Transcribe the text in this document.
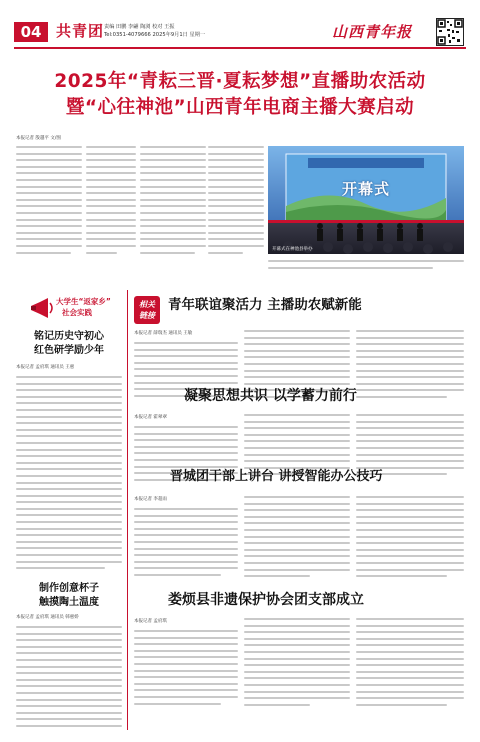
04 共青团 责编 田鹏 李翩 陶浏 校对 王振
Tel:0351-4079666 2025年9月1日 星期一	山西青年报
2025年“青耘三晋·夏耘梦想”直播助农活动
暨“心往神池”山西青年电商主播大赛启动
本报记者 殷越平 文/图
开幕式
开幕式在神池县举办
大学生“返家乡”
社会实践
铭记历史守初心
红色研学励少年
本报记者 孟府琪 通讯员 王惠
制作创意杯子
触摸陶土温度
本报记者 孟府琪 通讯员 韩惠娇
相关
链接
青年联谊聚活力 主播助农赋新能
本报记者 薛瑞杰 通讯员 王敏
凝聚思想共识 以学蓄力前行
本报记者 霍翠翠
晋城团干部上讲台 讲授智能办公技巧
本报记者 李超雨
娄烦县非遗保护协会团支部成立
本报记者 孟府琪
